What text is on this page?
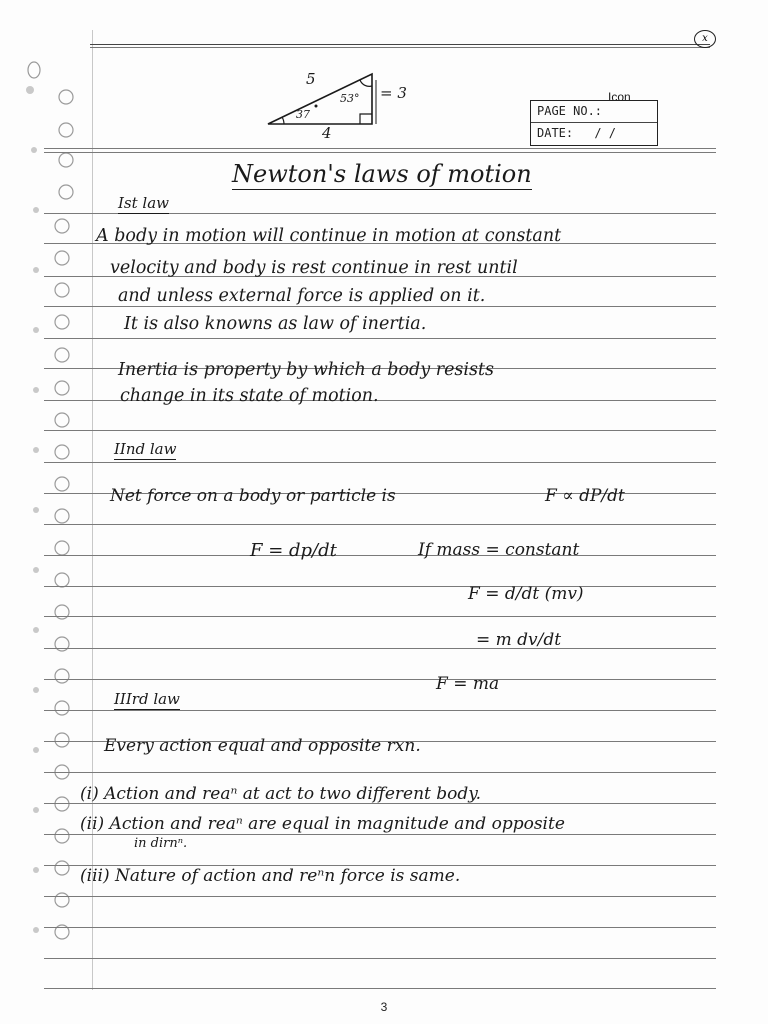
x
5
4
= 3
37
53°	Icon
PAGE NO.:
DATE: / /
Newton's laws of motion
Ist law
A body in motion will continue in motion at constant
velocity and body is rest continue in rest until
and unless external force is applied on it.
It is also knowns as law of inertia.
Inertia is property by which a body resists
change in its state of motion.
IInd law
Net force on a body or particle is	F ∝ dP/dt
F = dp/dt	If mass = constant
F = d/dt (mv)
= m dv/dt
F = ma
IIIrd law
Every action equal and opposite rxn.
(i) Action and reaⁿ at act to two different body.
(ii) Action and reaⁿ are equal in magnitude and opposite
in dirnⁿ.
(iii) Nature of action and reⁿn force is same.
3
